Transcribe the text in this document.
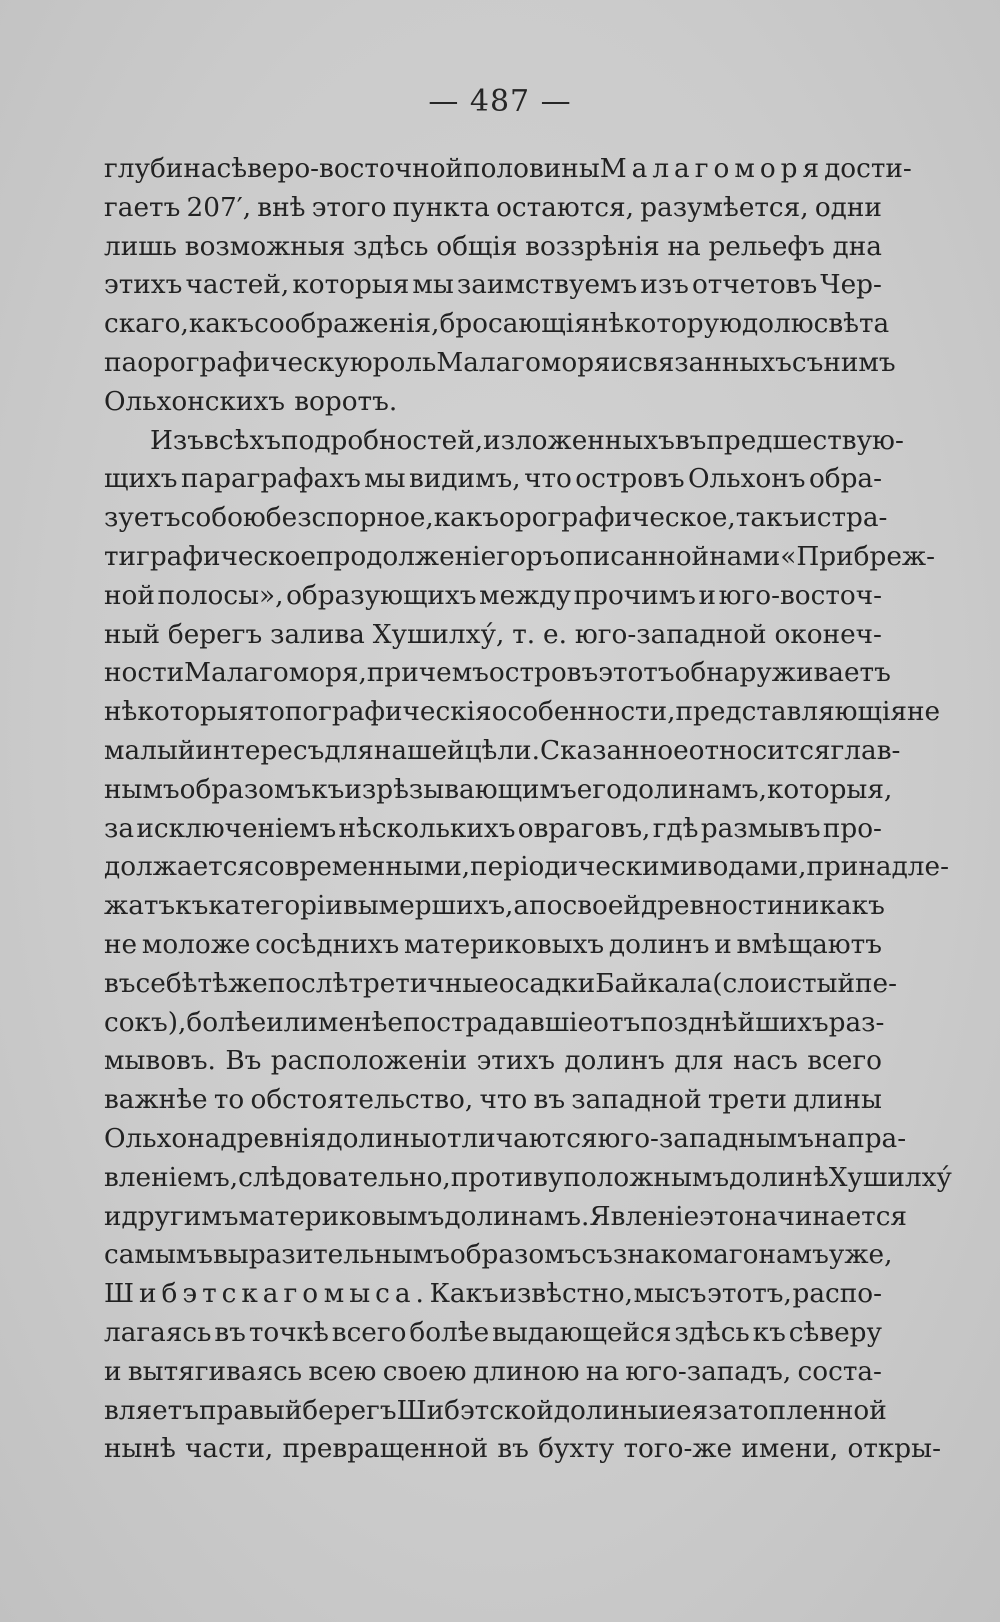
— 487 —
глубина сѣверо-восточной половины Малаго моря дости-
гаетъ 207′, внѣ этого пункта остаются, разумѣется, одни
лишь возможныя здѣсь общія воззрѣнія на рельефъ дна
этихъ частей, которыя мы заимствуемъ изъ отчетовъ Чер-
скаго, какъ соображенія, бросающія нѣкоторую долю свѣта
па орографическую роль Малаго моря и связанныхъ съ нимъ
Ольхонскихъ воротъ.
Изъ всѣхъ подробностей, изложенныхъ въ предшествую-
щихъ параграфахъ мы видимъ, что островъ Ольхонъ обра-
зуетъ собою безспорное, какъ орографическое, такъ и стра-
тиграфическое продолженіе горъ описанной нами «Прибреж-
ной полосы», образующихъ между прочимъ и юго-восточ-
ный берегъ залива Хушилху́, т. е. юго-западной оконеч-
ности Малаго моря, причемъ островъ этотъ обнаруживаетъ
нѣкоторыя топографическія особенности, представляющія не
малый интересъ для нашей цѣли. Сказанное относится глав-
нымъ образомъ къ изрѣзывающимъ его долинамъ, которыя,
за исключеніемъ нѣсколькихъ овраговъ, гдѣ размывъ про-
должается современными, періодическими водами, принадле-
жатъ къ категоріи вымершихъ, а по своей древности никакъ
не моложе сосѣднихъ материковыхъ долинъ и вмѣщаютъ
въ себѣ тѣже послѣтретичные осадки Байкала (слоистый пе-
сокъ), болѣе или менѣе пострадавшіе отъ позднѣйшихъ раз-
мывовъ. Въ расположеніи этихъ долинъ для насъ всего
важнѣе то обстоятельство, что въ западной трети длины
Ольхона древнія долины отличаются юго-западнымъ напра-
вленіемъ, слѣдовательно, противуположнымъ долинѣ Хушилху́
и другимъ материковымъ долинамъ. Явленіе это начинается
самымъ выразительнымъ образомъ съ знакомаго намъ уже,
Шибэтскаго мыса. Какъ извѣстно, мысъ этотъ, распо-
лагаясь въ точкѣ всего болѣе выдающейся здѣсь къ сѣверу
и вытягиваясь всею своею длиною на юго-западъ, соста-
вляетъ правый берегъ Шибэтской долины и ея затопленной
нынѣ части, превращенной въ бухту того-же имени, откры-
